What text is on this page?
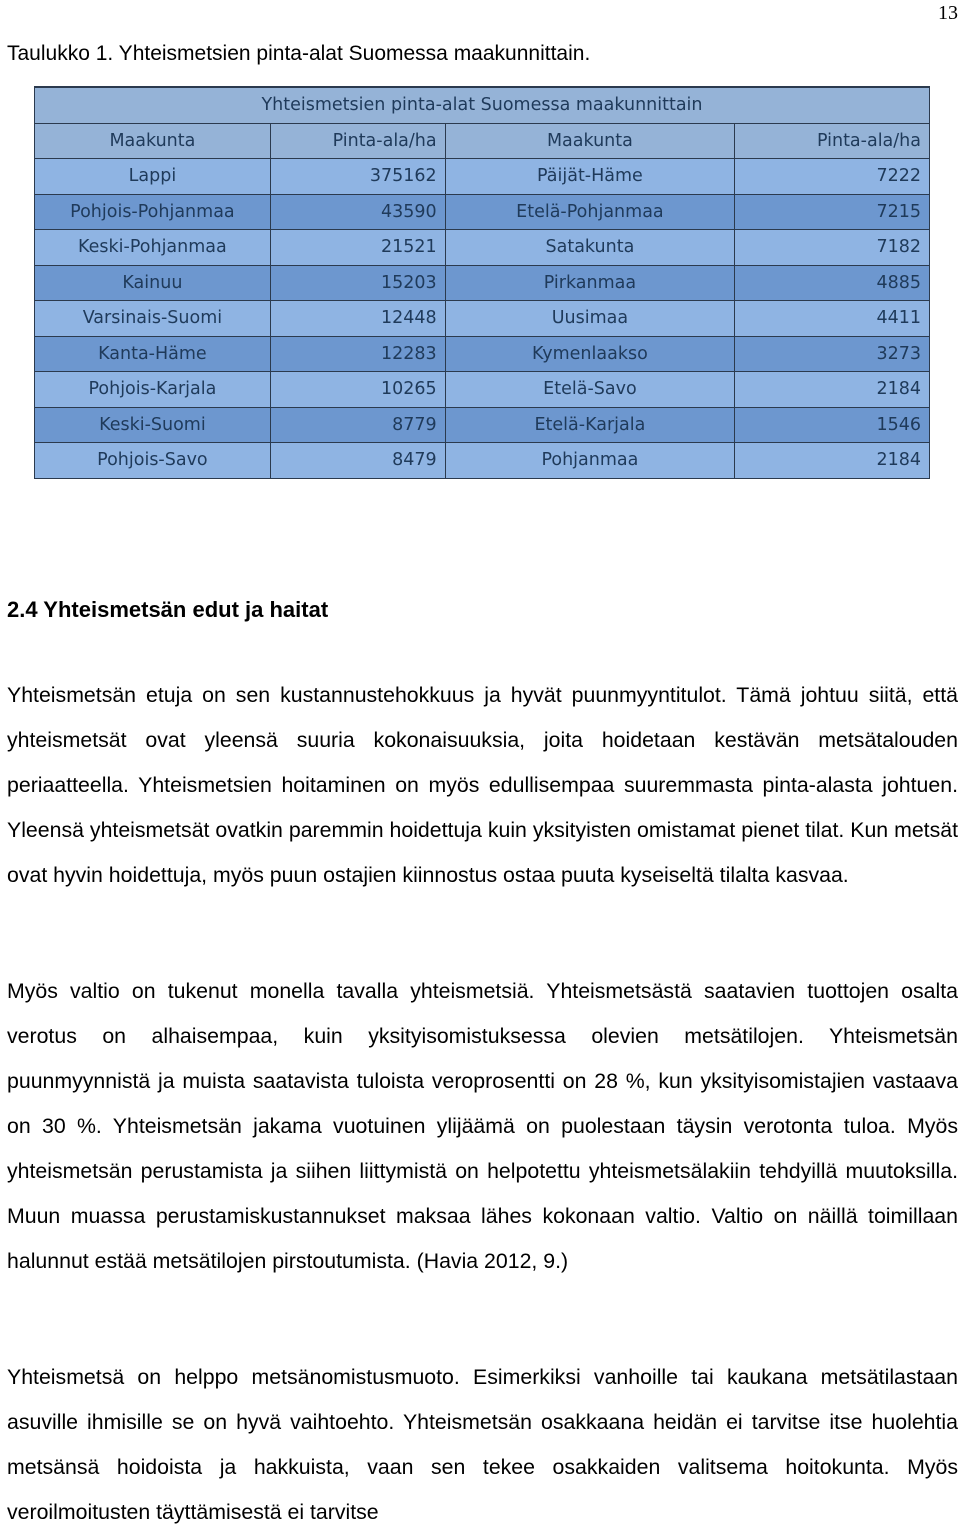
13
Taulukko 1. Yhteismetsien pinta-alat Suomessa maakunnittain.
Yhteismetsien pinta-alat Suomessa maakunnittain			
Maakunta	Pinta-ala/ha	Maakunta	Pinta-ala/ha
Lappi	375162	Päijät-Häme	7222
Pohjois-Pohjanmaa	43590	Etelä-Pohjanmaa	7215
Keski-Pohjanmaa	21521	Satakunta	7182
Kainuu	15203	Pirkanmaa	4885
Varsinais-Suomi	12448	Uusimaa	4411
Kanta-Häme	12283	Kymenlaakso	3273
Pohjois-Karjala	10265	Etelä-Savo	2184
Keski-Suomi	8779	Etelä-Karjala	1546
Pohjois-Savo	8479	Pohjanmaa	2184
2.4 Yhteismetsän edut ja haitat

Yhteismetsän etuja on sen kustannustehokkuus ja hyvät puunmyyntitulot. Tämä johtuu siitä, että yhteismetsät ovat yleensä suuria kokonaisuuksia, joita hoidetaan kestävän metsätalouden periaatteella. Yhteismetsien hoitaminen on myös edullisempaa suuremmasta pinta-alasta johtuen. Yleensä yhteismetsät ovatkin paremmin hoidettuja kuin yksityisten omistamat pienet tilat. Kun metsät ovat hyvin hoidettuja, myös puun ostajien kiinnostus ostaa puuta kyseiseltä tilalta kasvaa.

Myös valtio on tukenut monella tavalla yhteismetsiä. Yhteismetsästä saatavien tuottojen osalta verotus on alhaisempaa, kuin yksityisomistuksessa olevien metsätilojen. Yhteismetsän puunmyynnistä ja muista saatavista tuloista veroprosentti on 28 %, kun yksityisomistajien vastaava on 30 %. Yhteismetsän jakama vuotuinen ylijäämä on puolestaan täysin verotonta tuloa. Myös yhteismetsän perustamista ja siihen liittymistä on helpotettu yhteismetsälakiin tehdyillä muutoksilla. Muun muassa perustamiskustannukset maksaa lähes kokonaan valtio. Valtio on näillä toimillaan halunnut estää metsätilojen pirstoutumista. (Havia 2012, 9.)

Yhteismetsä on helppo metsänomistusmuoto. Esimerkiksi vanhoille tai kaukana metsätilastaan asuville ihmisille se on hyvä vaihtoehto. Yhteismetsän osakkaana heidän ei tarvitse itse huolehtia metsänsä hoidoista ja hakkuista, vaan sen tekee osakkaiden valitsema hoitokunta. Myös veroilmoitusten täyttämisestä ei tarvitse
